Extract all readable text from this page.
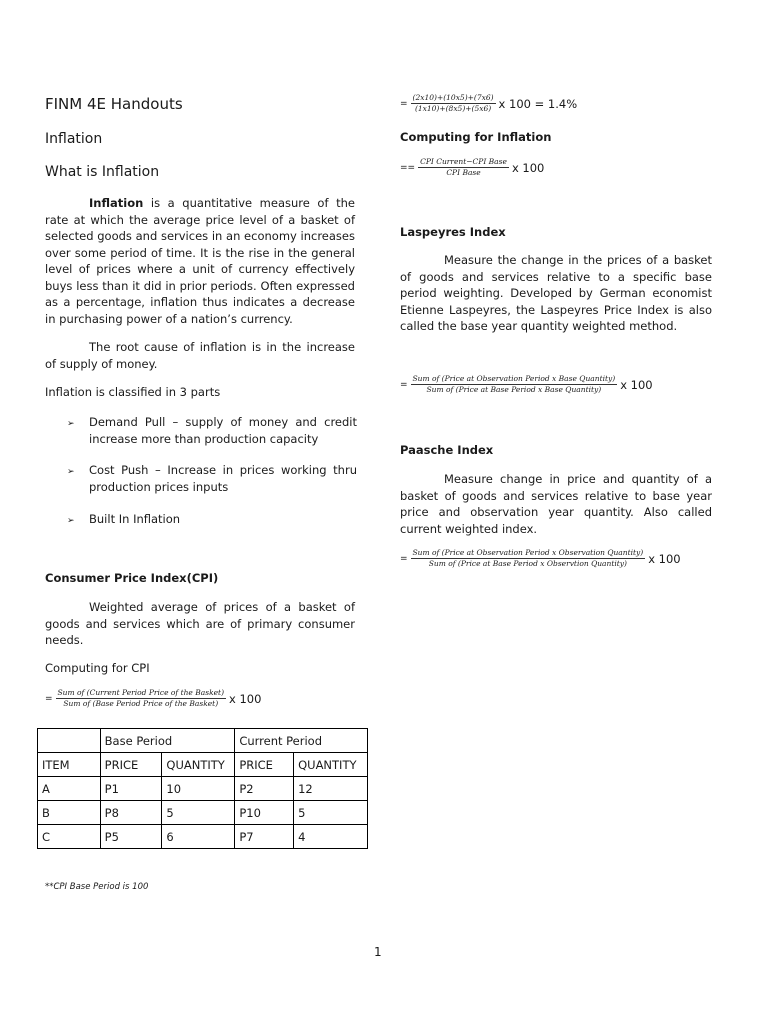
FINM 4E Handouts
Inflation
What is Inflation
Inflation is a quantitative measure of the rate at which the average price level of a basket of selected goods and services in an economy increases over some period of time. It is the rise in the general level of prices where a unit of currency effectively buys less than it did in prior periods. Often expressed as a percentage, inflation thus indicates a decrease in purchasing power of a nation’s currency.
The root cause of inflation is in the increase of supply of money.
Inflation is classified in 3 parts
➢	Demand Pull – supply of money and credit increase more than production capacity
➢	Cost Push – Increase in prices working thru production prices inputs
➢	Built In Inflation
Consumer Price Index(CPI)
Weighted average of prices of a basket of goods and services which are of primary consumer needs.
Computing for CPI
= $\frac{\text{Sum of (Current Period Price of the Basket)}}{\text{Sum of (Base Period Price of the Basket)}}$ x 100
	Base Period		Current Period	
ITEM	PRICE	QUANTITY	PRICE	QUANTITY
A	P1	10	P2	12
B	P8	5	P10	5
C	P5	6	P7	4
**CPI Base Period is 100
= $\frac{(2x10)+(10x5)+(7x6)}{(1x10)+(8x5)+(5x6)}$ x 100 = 1.4%
Computing for Inflation
== $\frac{\text{CPI Current−CPI Base}}{\text{CPI Base}}$ x 100
Laspeyres Index
Measure the change in the prices of a basket of goods and services relative to a specific base period weighting. Developed by German economist Etienne Laspeyres, the Laspeyres Price Index is also called the base year quantity weighted method.
= $\frac{\text{Sum of (Price at Observation Period x Base Quantity)}}{\text{Sum of (Price at Base Period x Base Quantity)}}$ x 100
Paasche Index
Measure change in price and quantity of a basket of goods and services relative to base year price and observation year quantity. Also called current weighted index.
= $\frac{\text{Sum of (Price at Observation Period x Observation Quantity)}}{\text{Sum of (Price at Base Period x Observtion Quantity)}}$ x 100
1
